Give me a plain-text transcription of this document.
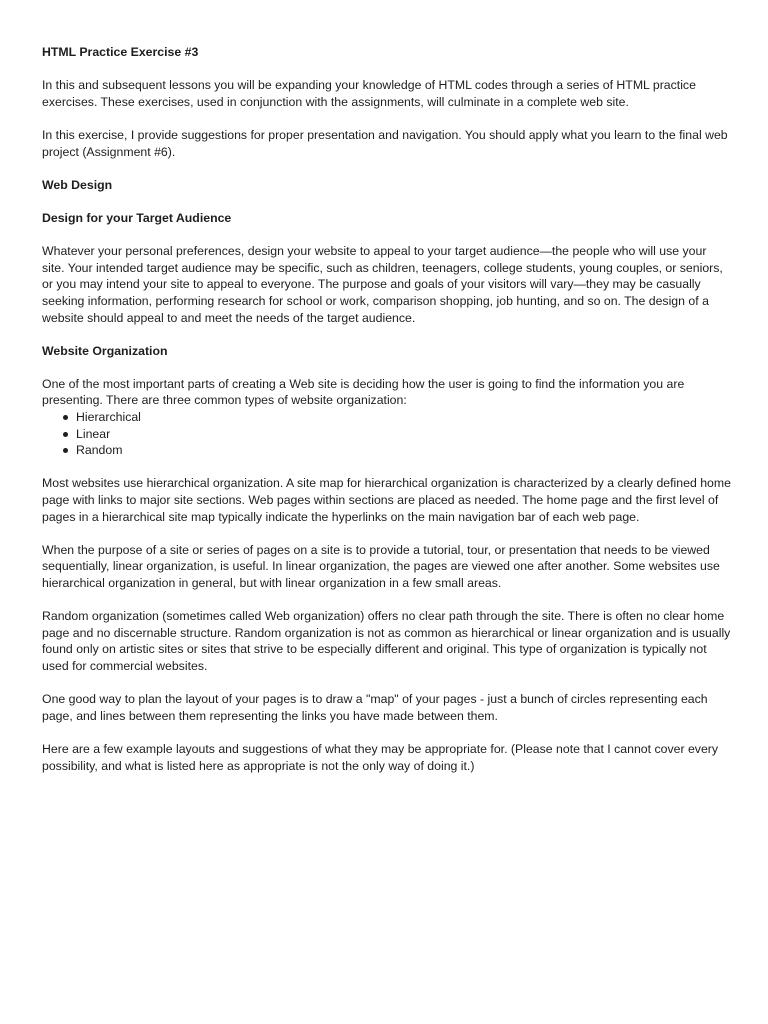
HTML Practice Exercise #3

In this and subsequent lessons you will be expanding your knowledge of HTML codes through a series of HTML practice exercises. These exercises, used in conjunction with the assignments, will culminate in a complete web site.

In this exercise, I provide suggestions for proper presentation and navigation. You should apply what you learn to the final web project (Assignment #6).

Web Design

Design for your Target Audience

Whatever your personal preferences, design your website to appeal to your target audience—the people who will use your site. Your intended target audience may be specific, such as children, teenagers, college students, young couples, or seniors, or you may intend your site to appeal to everyone. The purpose and goals of your visitors will vary—they may be casually seeking information, performing research for school or work, comparison shopping, job hunting, and so on. The design of a website should appeal to and meet the needs of the target audience.

Website Organization

One of the most important parts of creating a Web site is deciding how the user is going to find the information you are presenting. There are three common types of website organization:

Hierarchical
Linear
Random

Most websites use hierarchical organization. A site map for hierarchical organization is characterized by a clearly defined home page with links to major site sections. Web pages within sections are placed as needed. The home page and the first level of pages in a hierarchical site map typically indicate the hyperlinks on the main navigation bar of each web page.

When the purpose of a site or series of pages on a site is to provide a tutorial, tour, or presentation that needs to be viewed sequentially, linear organization, is useful. In linear organization, the pages are viewed one after another. Some websites use hierarchical organization in general, but with linear organization in a few small areas.

Random organization (sometimes called Web organization) offers no clear path through the site. There is often no clear home page and no discernable structure. Random organization is not as common as hierarchical or linear organization and is usually found only on artistic sites or sites that strive to be especially different and original. This type of organization is typically not used for commercial websites.

One good way to plan the layout of your pages is to draw a "map" of your pages - just a bunch of circles representing each page, and lines between them representing the links you have made between them.

Here are a few example layouts and suggestions of what they may be appropriate for. (Please note that I cannot cover every possibility, and what is listed here as appropriate is not the only way of doing it.)
